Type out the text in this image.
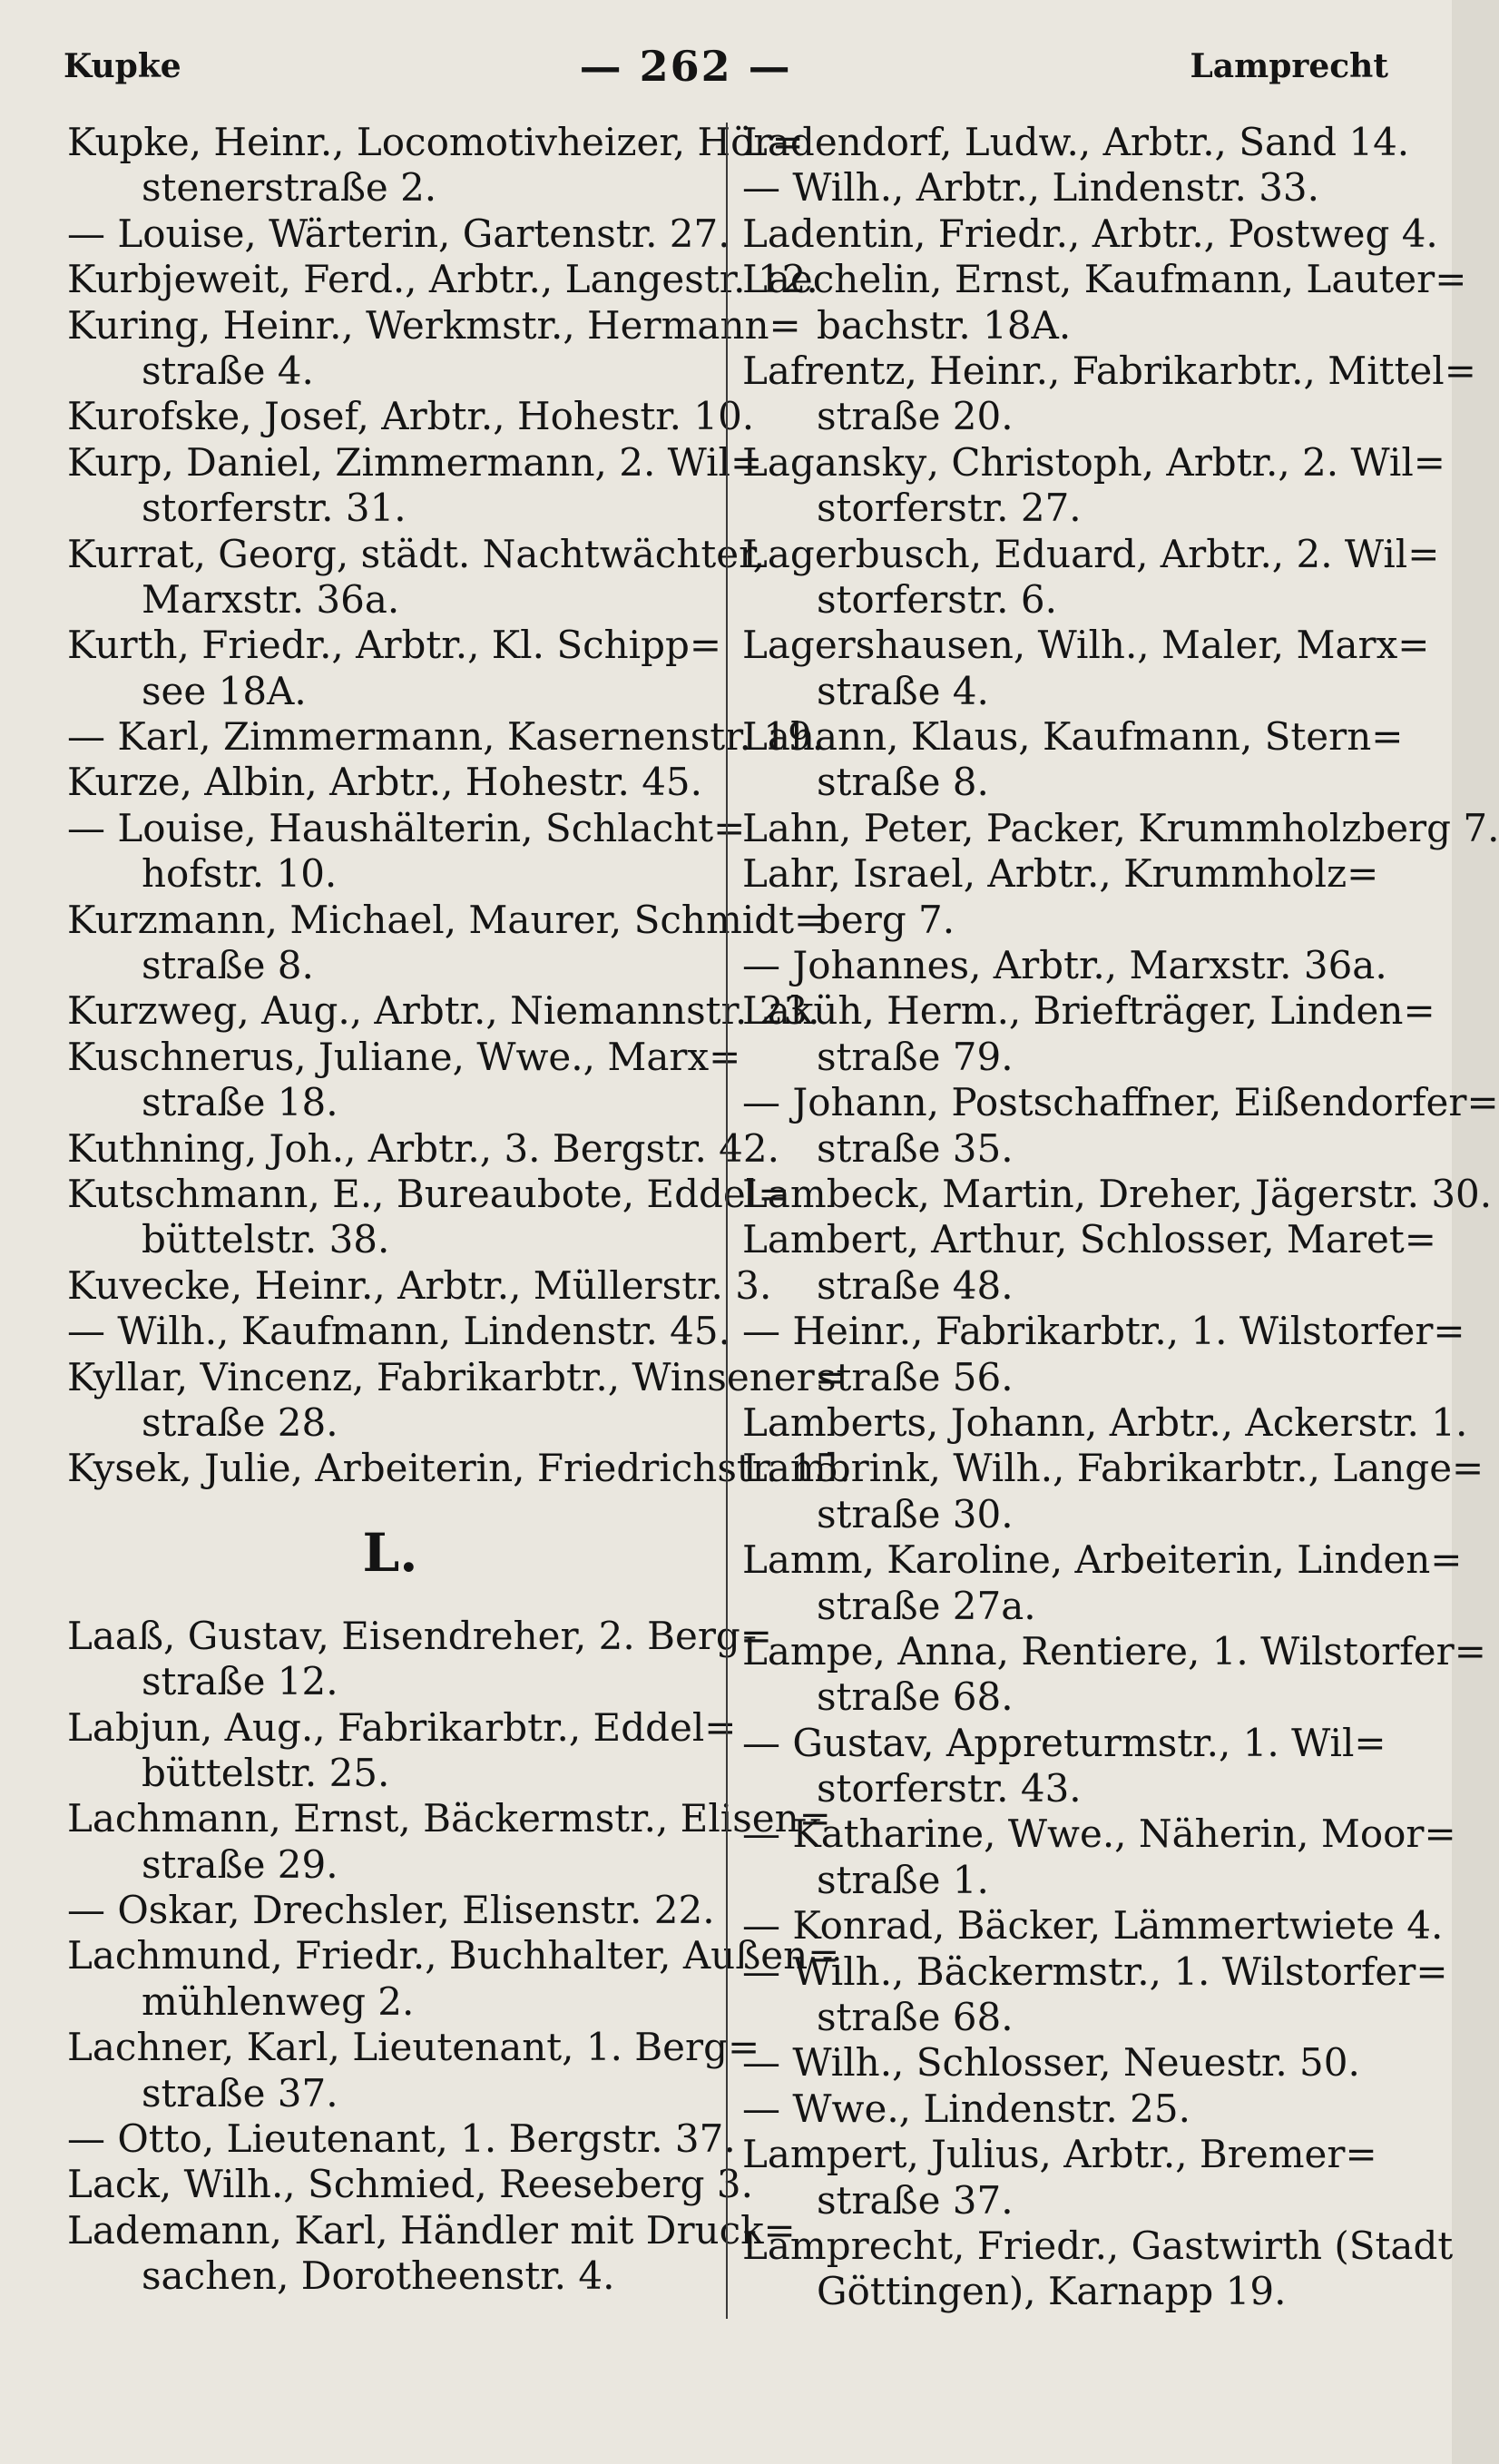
Kupke	— 262 —	Lamprecht
Kupke, Heinr., Locomotivheizer, Hör=
stenerstraße 2.
— Louise, Wärterin, Gartenstr. 27.
Kurbjeweit, Ferd., Arbtr., Langestr. 12.
Kuring, Heinr., Werkmstr., Hermann=
straße 4.
Kurofske, Josef, Arbtr., Hohestr. 10.
Kurp, Daniel, Zimmermann, 2. Wil=
storferstr. 31.
Kurrat, Georg, städt. Nachtwächter,
Marxstr. 36a.
Kurth, Friedr., Arbtr., Kl. Schipp=
see 18A.
— Karl, Zimmermann, Kasernenstr. 19.
Kurze, Albin, Arbtr., Hohestr. 45.
— Louise, Haushälterin, Schlacht=
hofstr. 10.
Kurzmann, Michael, Maurer, Schmidt=
straße 8.
Kurzweg, Aug., Arbtr., Niemannstr. 23.
Kuschnerus, Juliane, Wwe., Marx=
straße 18.
Kuthning, Joh., Arbtr., 3. Bergstr. 42.
Kutschmann, E., Bureaubote, Eddel=
büttelstr. 38.
Kuvecke, Heinr., Arbtr., Müllerstr. 3.
— Wilh., Kaufmann, Lindenstr. 45.
Kyllar, Vincenz, Fabrikarbtr., Winsener=
straße 28.
Kysek, Julie, Arbeiterin, Friedrichstr. 15.
L.
Laaß, Gustav, Eisendreher, 2. Berg=
straße 12.
Labjun, Aug., Fabrikarbtr., Eddel=
büttelstr. 25.
Lachmann, Ernst, Bäckermstr., Elisen=
straße 29.
— Oskar, Drechsler, Elisenstr. 22.
Lachmund, Friedr., Buchhalter, Außen=
mühlenweg 2.
Lachner, Karl, Lieutenant, 1. Berg=
straße 37.
— Otto, Lieutenant, 1. Bergstr. 37.
Lack, Wilh., Schmied, Reeseberg 3.
Lademann, Karl, Händler mit Druck=
sachen, Dorotheenstr. 4.
Ladendorf, Ludw., Arbtr., Sand 14.
— Wilh., Arbtr., Lindenstr. 33.
Ladentin, Friedr., Arbtr., Postweg 4.
Laechelin, Ernst, Kaufmann, Lauter=
bachstr. 18A.
Lafrentz, Heinr., Fabrikarbtr., Mittel=
straße 20.
Laganskу, Christoph, Arbtr., 2. Wil=
storferstr. 27.
Lagerbusch, Eduard, Arbtr., 2. Wil=
storferstr. 6.
Lagershausen, Wilh., Maler, Marx=
straße 4.
Lahann, Klaus, Kaufmann, Stern=
straße 8.
Lahn, Peter, Packer, Krummholzberg 7.
Lahr, Israel, Arbtr., Krummholz=
berg 7.
— Johannes, Arbtr., Marxstr. 36a.
Laküh, Herm., Briefträger, Linden=
straße 79.
— Johann, Postschaffner, Eißendorfer=
straße 35.
Lambeck, Martin, Dreher, Jägerstr. 30.
Lambert, Arthur, Schlosser, Maret=
straße 48.
— Heinr., Fabrikarbtr., 1. Wilstorfer=
straße 56.
Lamberts, Johann, Arbtr., Ackerstr. 1.
Lambrink, Wilh., Fabrikarbtr., Lange=
straße 30.
Lamm, Karoline, Arbeiterin, Linden=
straße 27a.
Lampe, Anna, Rentiere, 1. Wilstorfer=
straße 68.
— Gustav, Appreturmstr., 1. Wil=
storferstr. 43.
— Katharine, Wwe., Näherin, Moor=
straße 1.
— Konrad, Bäcker, Lämmertwiete 4.
— Wilh., Bäckermstr., 1. Wilstorfer=
straße 68.
— Wilh., Schlosser, Neuestr. 50.
— Wwe., Lindenstr. 25.
Lampert, Julius, Arbtr., Bremer=
straße 37.
Lamprecht, Friedr., Gastwirth (Stadt
Göttingen), Karnapp 19.
